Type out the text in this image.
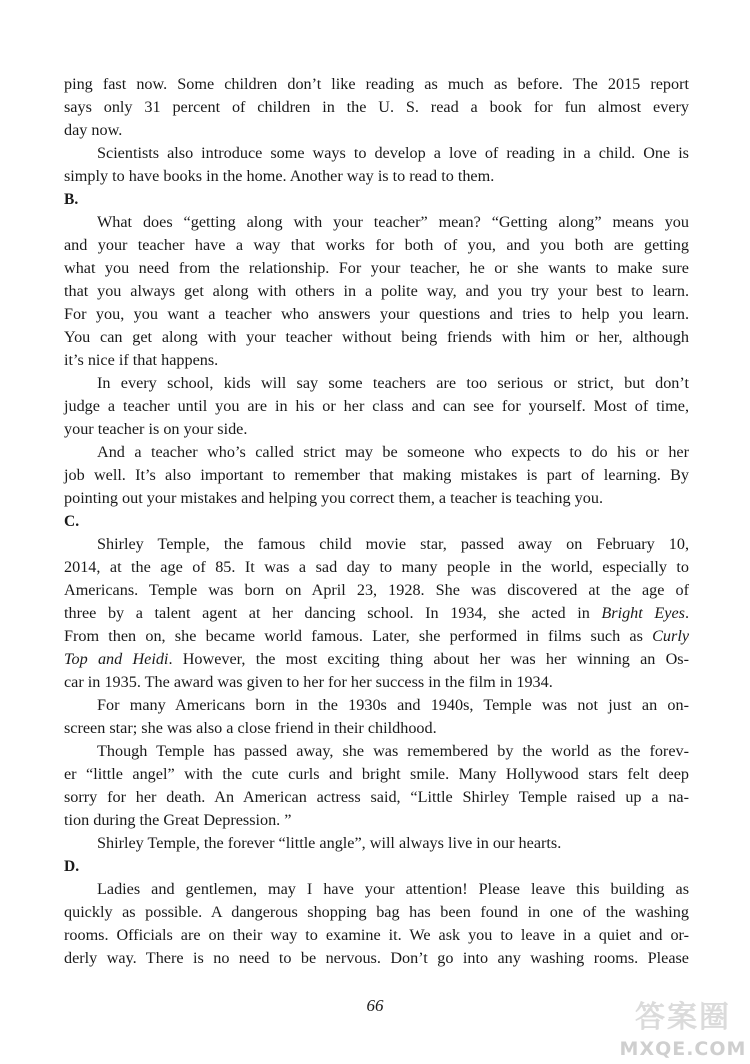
ping fast now. Some children don’t like reading as much as before. The 2015 report
says only 31 percent of children in the U. S. read a book for fun almost every
day now.
Scientists also introduce some ways to develop a love of reading in a child. One is
simply to have books in the home. Another way is to read to them.

B.

What does “getting along with your teacher” mean? “Getting along” means you
and your teacher have a way that works for both of you, and you both are getting
what you need from the relationship. For your teacher, he or she wants to make sure
that you always get along with others in a polite way, and you try your best to learn.
For you, you want a teacher who answers your questions and tries to help you learn.
You can get along with your teacher without being friends with him or her, although
it’s nice if that happens.
In every school, kids will say some teachers are too serious or strict, but don’t
judge a teacher until you are in his or her class and can see for yourself. Most of time,
your teacher is on your side.
And a teacher who’s called strict may be someone who expects to do his or her
job well. It’s also important to remember that making mistakes is part of learning. By
pointing out your mistakes and helping you correct them, a teacher is teaching you.

C.

Shirley Temple, the famous child movie star, passed away on February 10,
2014, at the age of 85. It was a sad day to many people in the world, especially to
Americans. Temple was born on April 23, 1928. She was discovered at the age of
three by a talent agent at her dancing school. In 1934, she acted in Bright Eyes.
From then on, she became world famous. Later, she performed in films such as Curly
Top and Heidi. However, the most exciting thing about her was her winning an Os-
car in 1935. The award was given to her for her success in the film in 1934.
For many Americans born in the 1930s and 1940s, Temple was not just an on-
screen star; she was also a close friend in their childhood.
Though Temple has passed away, she was remembered by the world as the forev-
er “little angel” with the cute curls and bright smile. Many Hollywood stars felt deep
sorry for her death. An American actress said, “Little Shirley Temple raised up a na-
tion during the Great Depression. ”
Shirley Temple, the forever “little angle”, will always live in our hearts.

D.

Ladies and gentlemen, may I have your attention! Please leave this building as
quickly as possible. A dangerous shopping bag has been found in one of the washing
rooms. Officials are on their way to examine it. We ask you to leave in a quiet and or-
derly way. There is no need to be nervous. Don’t go into any washing rooms. Please
66	答案圈
MXQE.COM
